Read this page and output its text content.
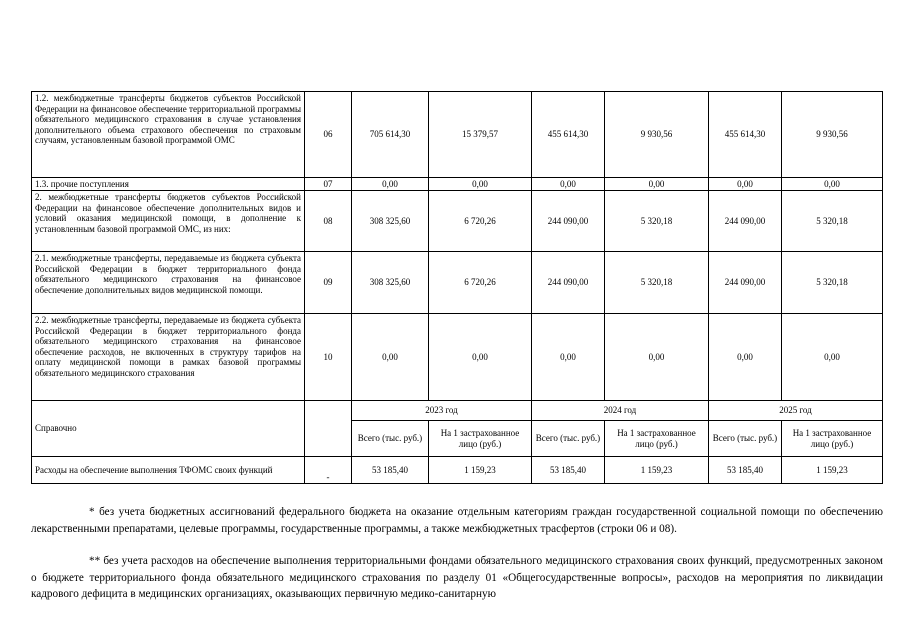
1.2. межбюджетные трансферты бюджетов субъектов Российской Федерации на финансовое обеспечение территориальной программы обязательного медицинского страхования в случае установления дополнительного объема страхового обеспечения по страховым случаям, установленным базовой программой ОМС	06	705 614,30	15 379,57	455 614,30	9 930,56	455 614,30	9 930,56
1.3. прочие поступления	07	0,00	0,00	0,00	0,00	0,00	0,00
2. межбюджетные трансферты бюджетов субъектов Российской Федерации на финансовое обеспечение дополнительных видов и условий оказания медицинской помощи, в дополнение к установленным базовой программой ОМС, из них:	08	308 325,60	6 720,26	244 090,00	5 320,18	244 090,00	5 320,18
2.1. межбюджетные трансферты, передаваемые из бюджета субъекта Российской Федерации в бюджет территориального фонда обязательного медицинского страхования на финансовое обеспечение дополнительных видов медицинской помощи.	09	308 325,60	6 720,26	244 090,00	5 320,18	244 090,00	5 320,18
2.2. межбюджетные трансферты, передаваемые из бюджета субъекта Российской Федерации в бюджет территориального фонда обязательного медицинского страхования на финансовое обеспечение расходов, не включенных в структуру тарифов на оплату медицинской помощи в рамках базовой программы обязательного медицинского страхования	10	0,00	0,00	0,00	0,00	0,00	0,00
Справочно		2023 год		2024 год		2025 год	
		Всего (тыс. руб.)	На 1 застрахованное лицо (руб.)	Всего (тыс. руб.)	На 1 застрахованное лицо (руб.)	Всего (тыс. руб.)	На 1 застрахованное лицо (руб.)
Расходы на обеспечение выполнения ТФОМС своих функций	-	53 185,40	1 159,23	53 185,40	1 159,23	53 185,40	1 159,23

* без учета бюджетных ассигнований федерального бюджета на оказание отдельным категориям граждан государственной социальной помощи по обеспечению лекарственными препаратами, целевые программы, государственные программы, а также межбюджетных трасфертов (строки 06 и 08).

** без учета расходов на обеспечение выполнения территориальными фондами обязательного медицинского страхования своих функций, предусмотренных законом о бюджете территориального фонда обязательного медицинского страхования по разделу 01 «Общегосударственные вопросы», расходов на мероприятия по ликвидации кадрового дефицита в медицинских организациях, оказывающих первичную медико-санитарную
